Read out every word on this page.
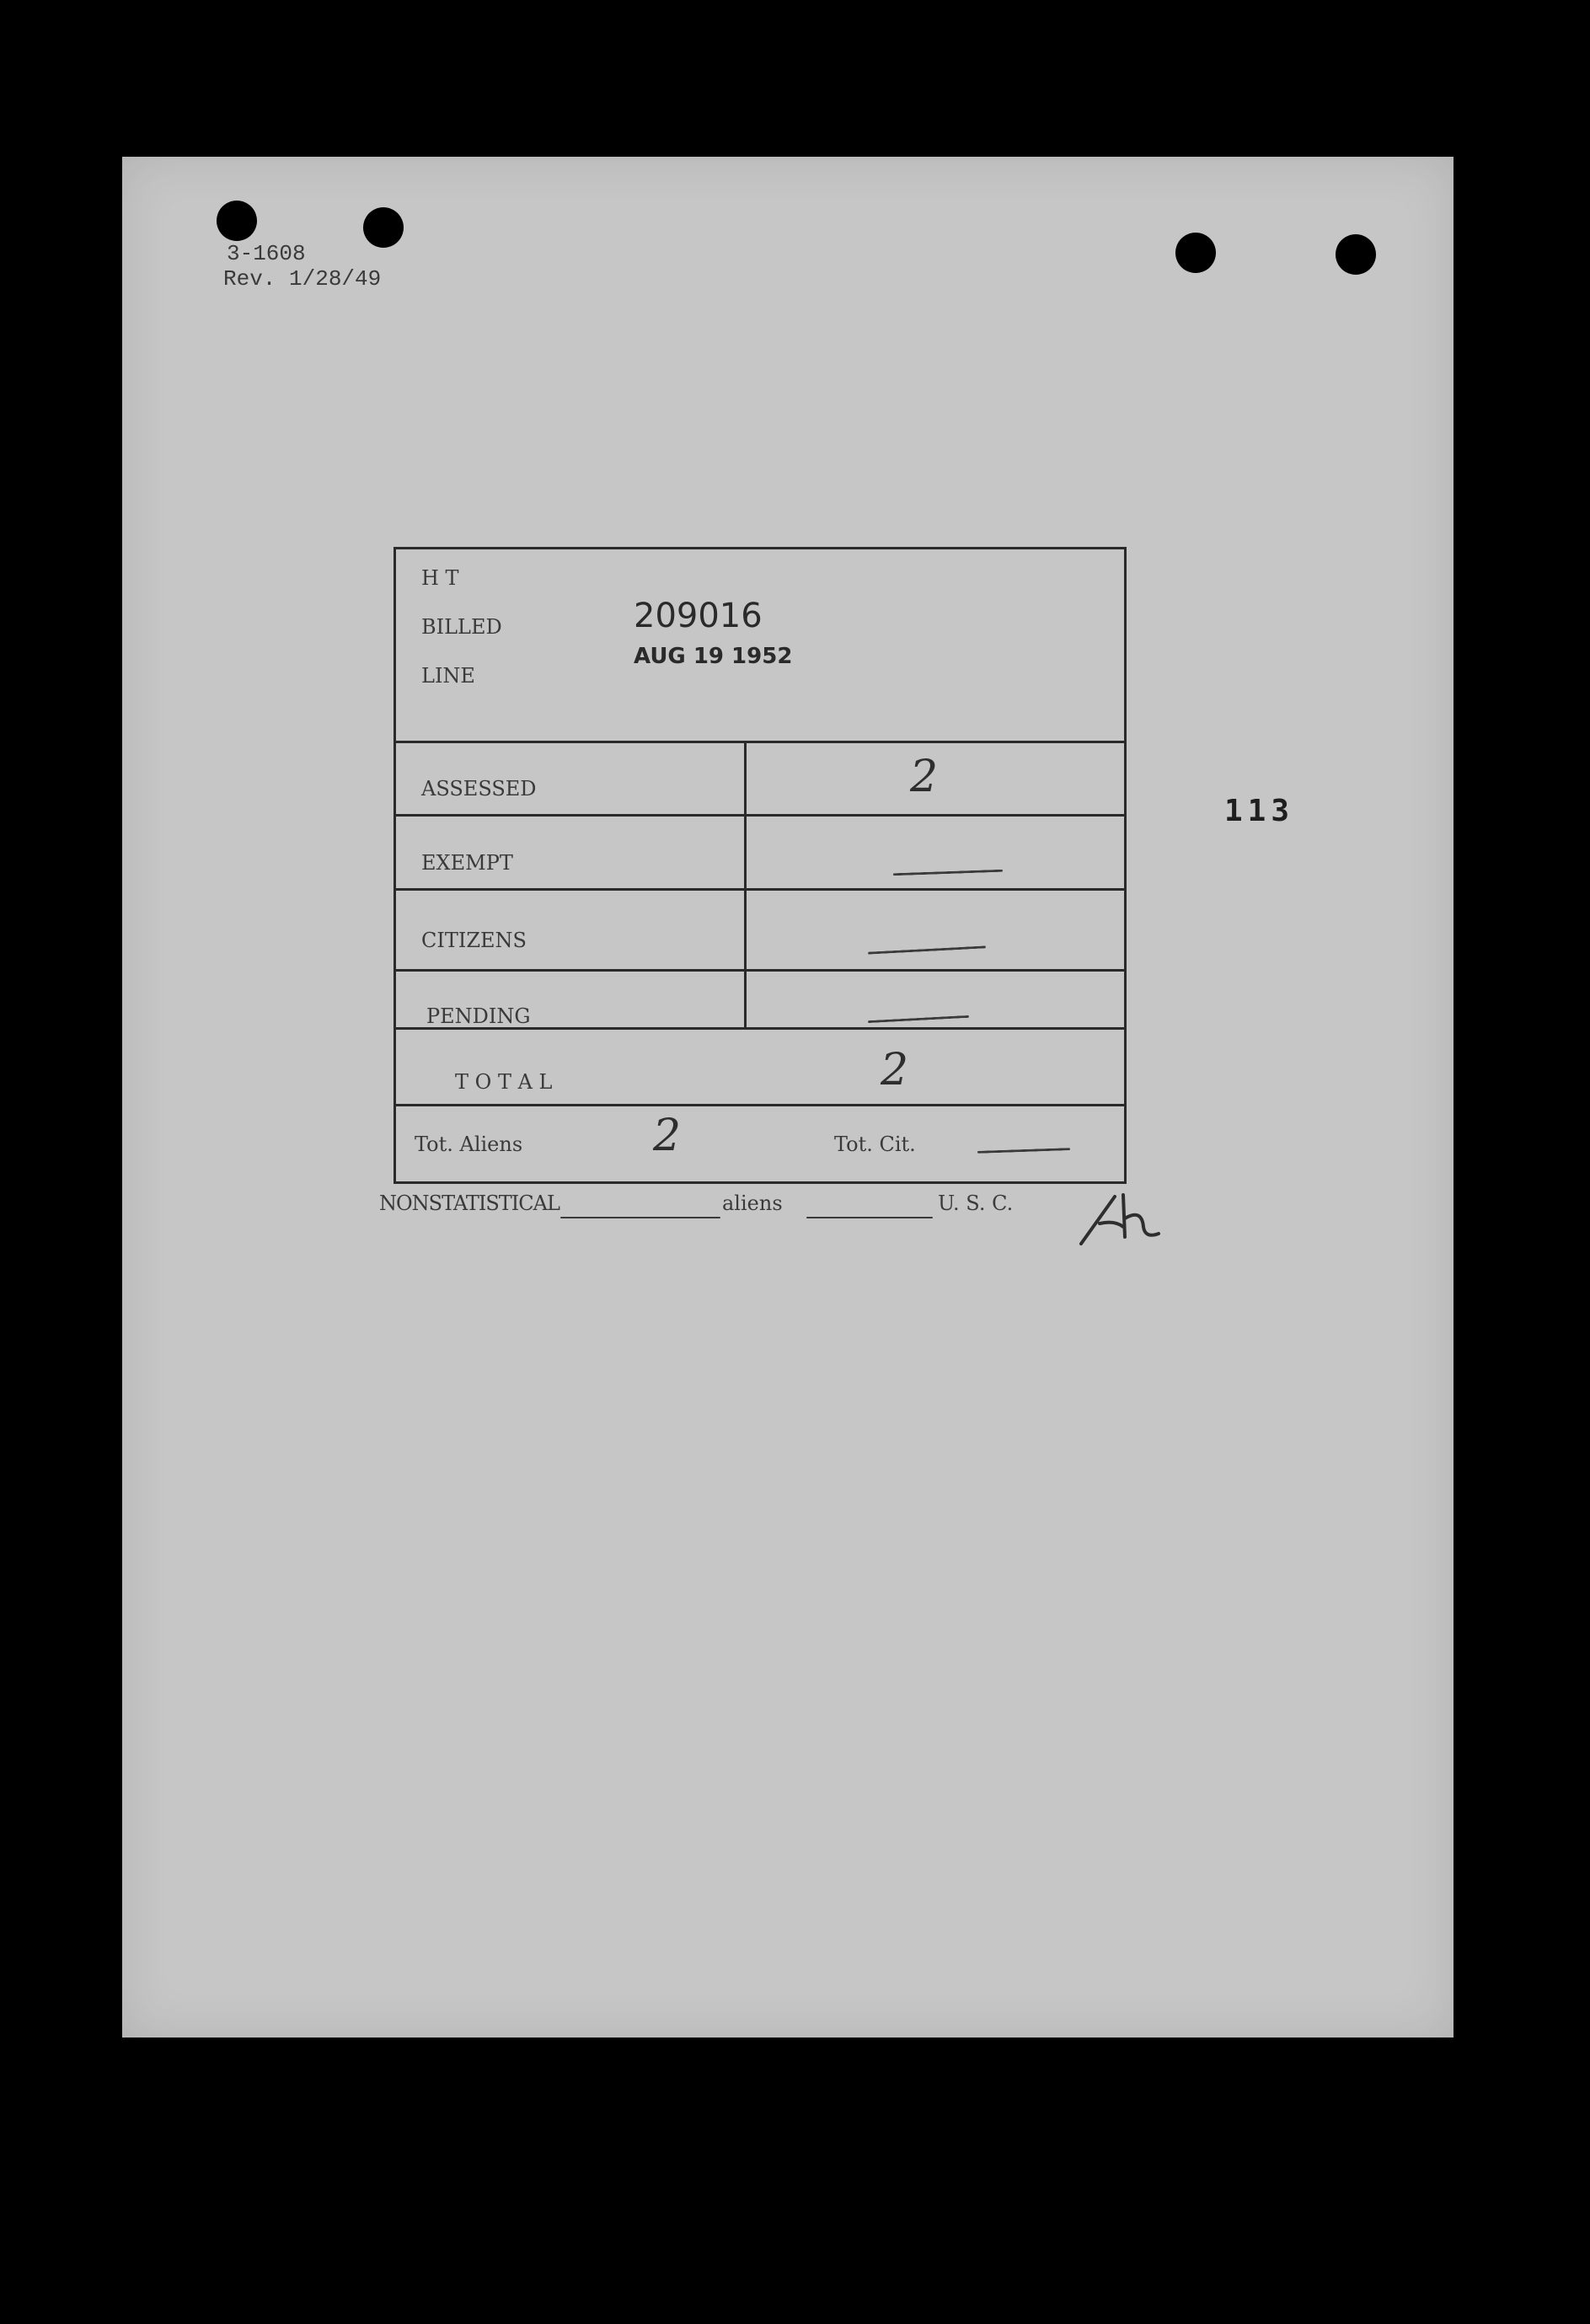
3-1608
Rev. 1/28/49
H T
BILLED
LINE
209016
AUG 19 1952
ASSESSED	2
EXEMPT
CITIZENS
PENDING
T O T A L	2
Tot. Aliens	2	Tot. Cit.
NONSTATISTICAL	aliens	U. S. C.
113
